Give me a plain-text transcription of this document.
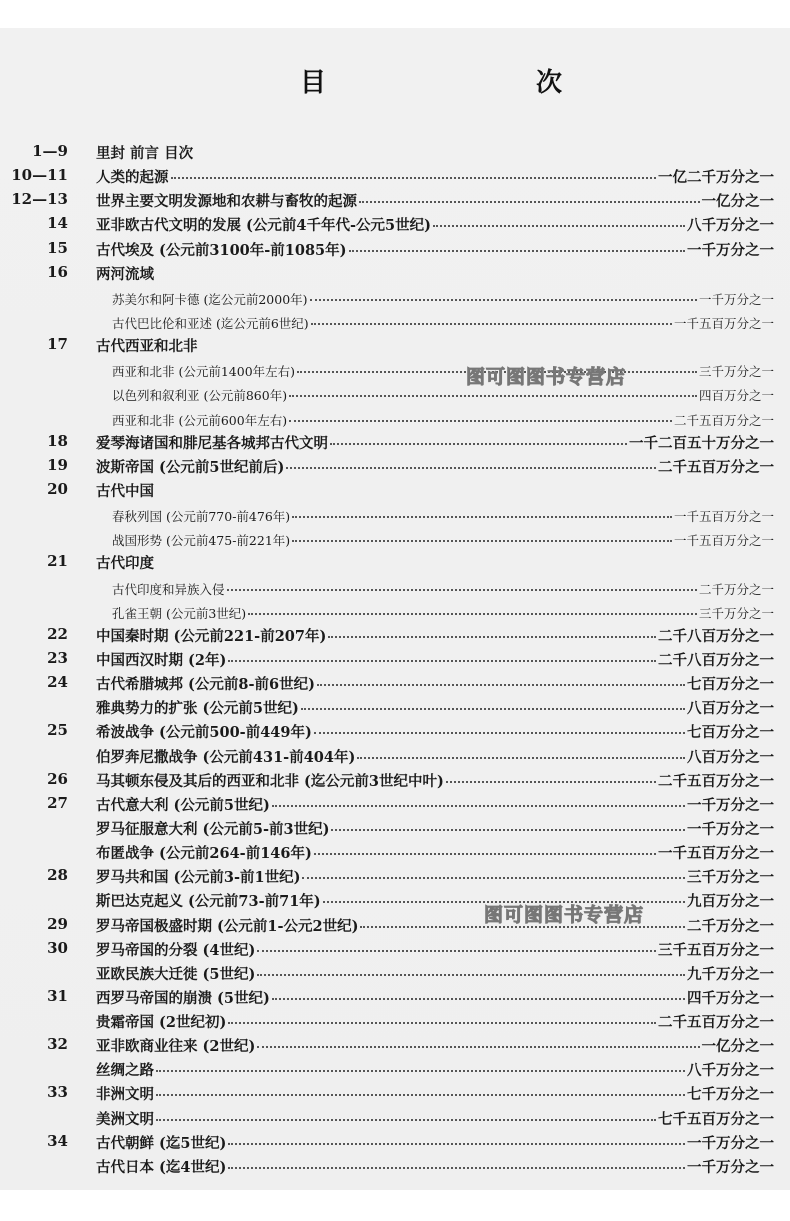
目	次
1—9 里封 前言 目次
10—11 人类的起源	一亿二千万分之一
12—13 世界主要文明发源地和农耕与畜牧的起源	一亿分之一
14 亚非欧古代文明的发展 (公元前4千年代-公元5世纪)	八千万分之一
15 古代埃及 (公元前3100年-前1085年)	一千万分之一
16 两河流域
苏美尔和阿卡德 (迄公元前2000年)	一千万分之一
古代巴比伦和亚述 (迄公元前6世纪)	一千五百万分之一
17 古代西亚和北非
西亚和北非 (公元前1400年左右)	三千万分之一
以色列和叙利亚 (公元前860年)	四百万分之一
西亚和北非 (公元前600年左右)	二千五百万分之一
18 爱琴海诸国和腓尼基各城邦古代文明	一千二百五十万分之一
19 波斯帝国 (公元前5世纪前后)	二千五百万分之一
20 古代中国
春秋列国 (公元前770-前476年)	一千五百万分之一
战国形势 (公元前475-前221年)	一千五百万分之一
21 古代印度
古代印度和异族入侵	二千万分之一
孔雀王朝 (公元前3世纪)	三千万分之一
22 中国秦时期 (公元前221-前207年)	二千八百万分之一
23 中国西汉时期 (2年)	二千八百万分之一
24 古代希腊城邦 (公元前8-前6世纪)	七百万分之一
雅典势力的扩张 (公元前5世纪)	八百万分之一
25 希波战争 (公元前500-前449年)	七百万分之一
伯罗奔尼撒战争 (公元前431-前404年)	八百万分之一
26 马其顿东侵及其后的西亚和北非 (迄公元前3世纪中叶)	二千五百万分之一
27 古代意大利 (公元前5世纪)	一千万分之一
罗马征服意大利 (公元前5-前3世纪)	一千万分之一
布匿战争 (公元前264-前146年)	一千五百万分之一
28 罗马共和国 (公元前3-前1世纪)	三千万分之一
斯巴达克起义 (公元前73-前71年)	九百万分之一
29 罗马帝国极盛时期 (公元前1-公元2世纪)	二千万分之一
30 罗马帝国的分裂 (4世纪)	三千五百万分之一
亚欧民族大迁徙 (5世纪)	九千万分之一
31 西罗马帝国的崩溃 (5世纪)	四千万分之一
贵霜帝国 (2世纪初)	二千五百万分之一
32 亚非欧商业往来 (2世纪)	一亿分之一
丝绸之路	八千万分之一
33 非洲文明	七千万分之一
美洲文明	七千五百万分之一
34 古代朝鲜 (迄5世纪)	一千万分之一
古代日本 (迄4世纪)	一千万分之一
图可图图书专营店
图可图图书专营店
